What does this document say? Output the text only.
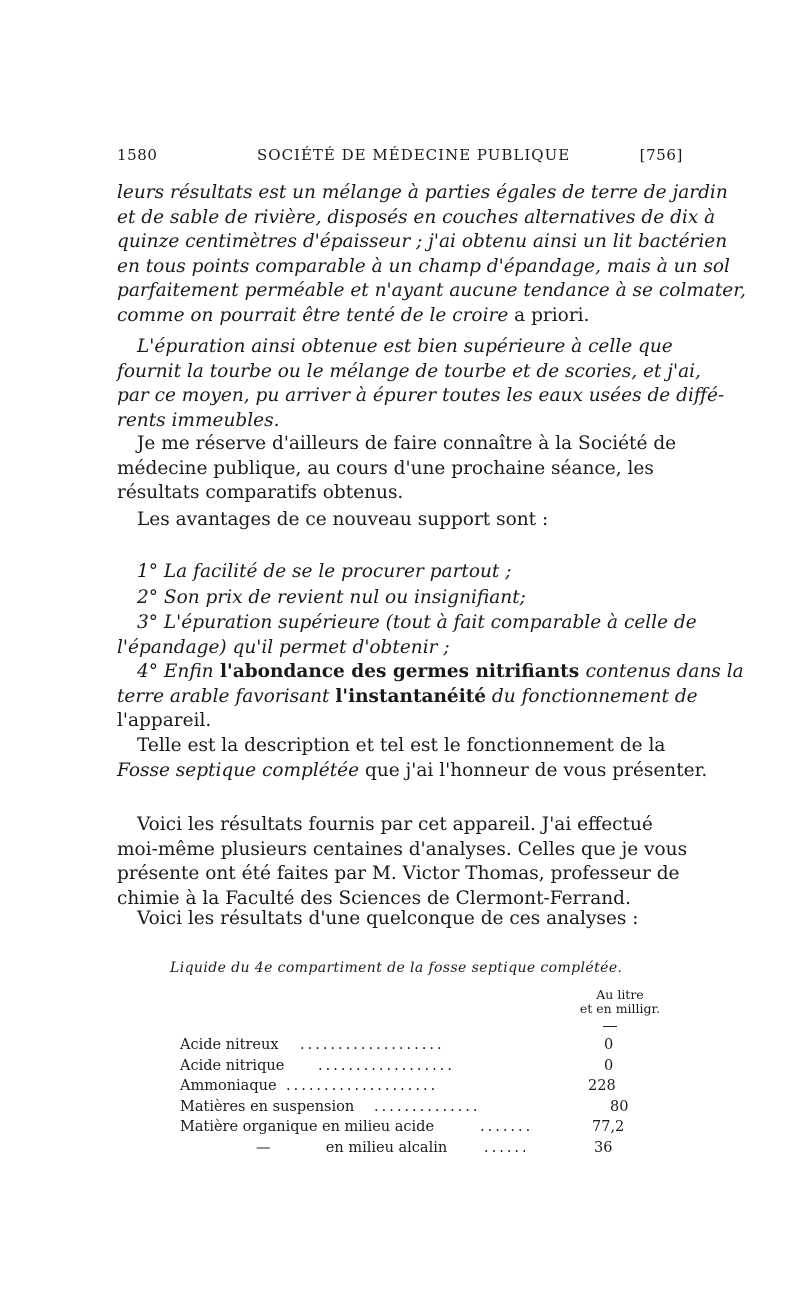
1580	SOCIÉTÉ DE MÉDECINE PUBLIQUE	[756]
leurs résultats est un mélange à parties égales de terre de jardin
et de sable de rivière, disposés en couches alternatives de dix à
quinze centimètres d'épaisseur ; j'ai obtenu ainsi un lit bactérien
en tous points comparable à un champ d'épandage, mais à un sol
parfaitement perméable et n'ayant aucune tendance à se colmater,
comme on pourrait être tenté de le croire a priori.
L'épuration ainsi obtenue est bien supérieure à celle que
fournit la tourbe ou le mélange de tourbe et de scories, et j'ai,
par ce moyen, pu arriver à épurer toutes les eaux usées de diffé-
rents immeubles.
Je me réserve d'ailleurs de faire connaître à la Société de
médecine publique, au cours d'une prochaine séance, les
résultats comparatifs obtenus.
Les avantages de ce nouveau support sont :
1° La facilité de se le procurer partout ;
2° Son prix de revient nul ou insignifiant;
3° L'épuration supérieure (tout à fait comparable à celle de
l'épandage) qu'il permet d'obtenir ;
4° Enfin l'abondance des germes nitrifiants contenus dans la
terre arable favorisant l'instantanéité du fonctionnement de
l'appareil.
Telle est la description et tel est le fonctionnement de la
Fosse septique complétée que j'ai l'honneur de vous présenter.
Voici les résultats fournis par cet appareil. J'ai effectué
moi-même plusieurs centaines d'analyses. Celles que je vous
présente ont été faites par M. Victor Thomas, professeur de
chimie à la Faculté des Sciences de Clermont-Ferrand.
Voici les résultats d'une quelconque de ces analyses :
Liquide du 4e compartiment de la fosse septique complétée.
Au litre
et en milligr.
Acide nitreux ...................	0
Acide nitrique ..................	0
Ammoniaque ....................	228
Matières en suspension ..............	80
Matière organique en milieu acide	.......	77,2
—            en milieu alcalin	......	36
